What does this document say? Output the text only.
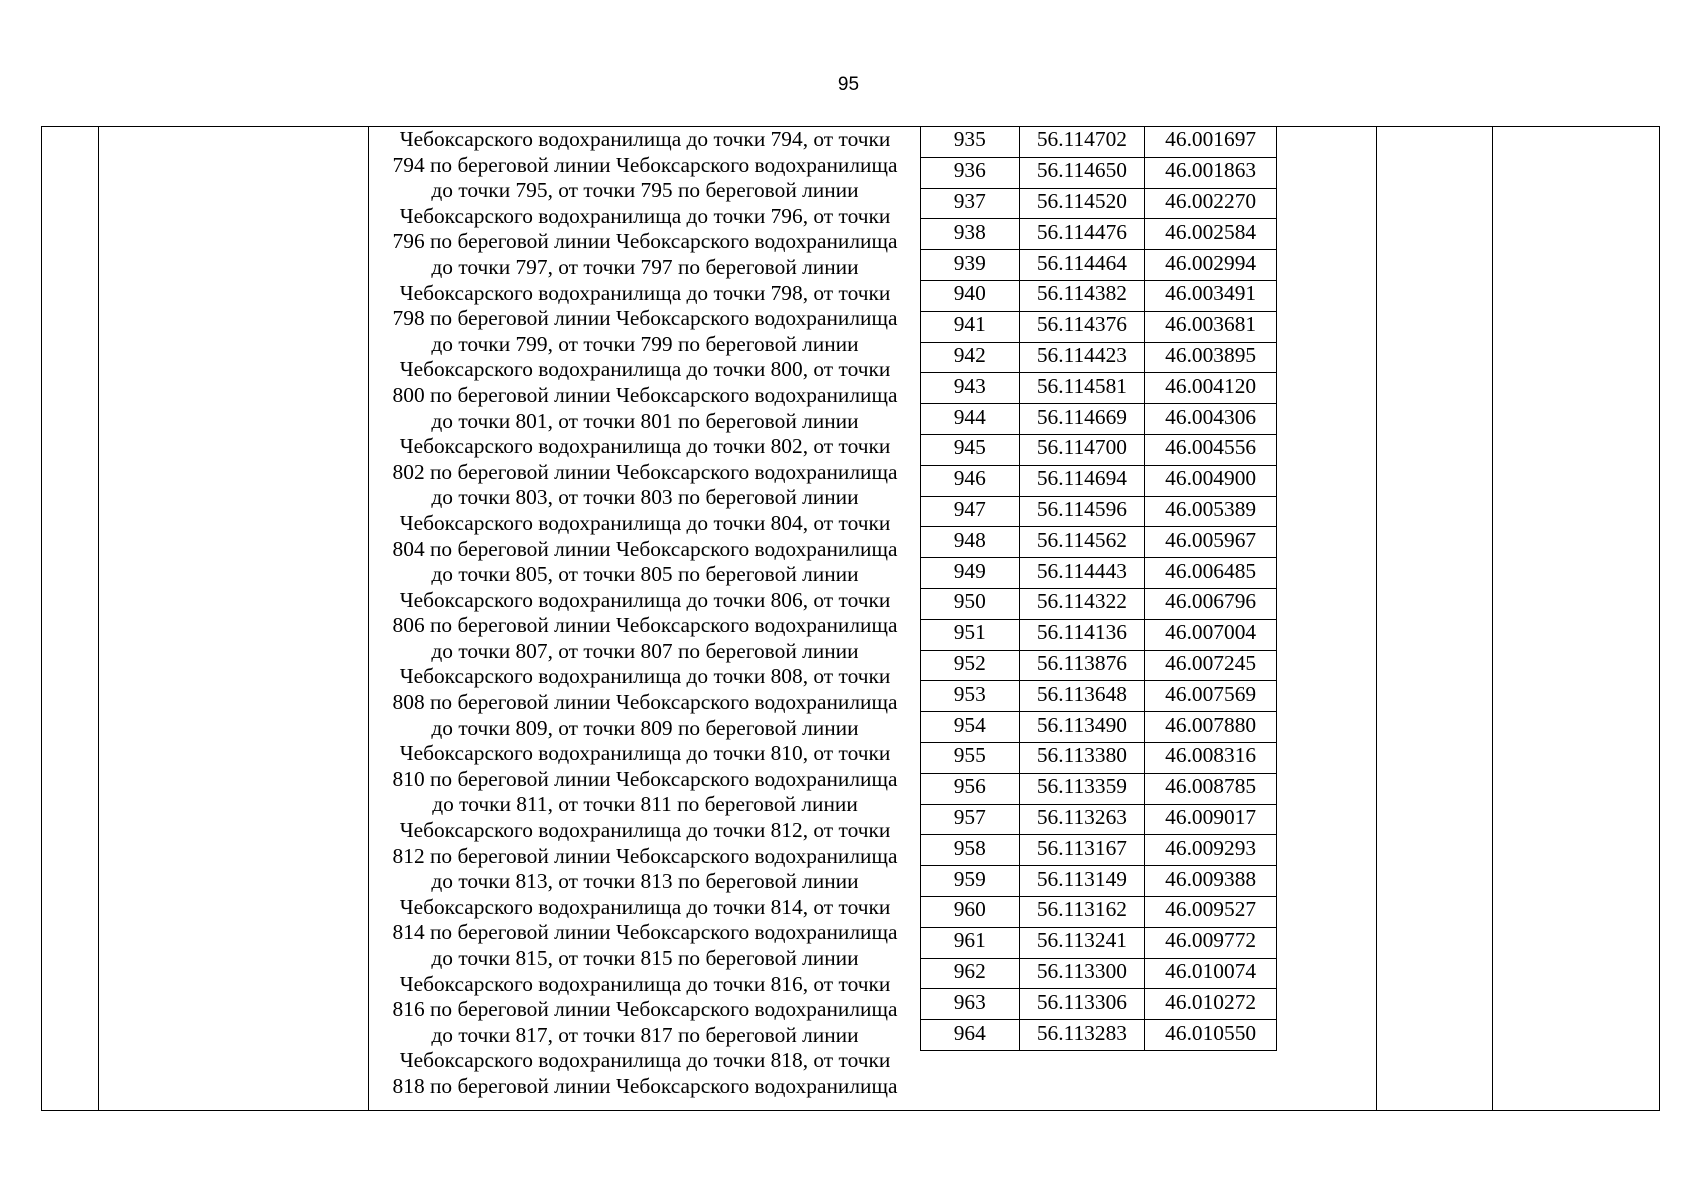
95
Чебоксарского водохранилища до точки 794, от точки
794 по береговой линии Чебоксарского водохранилища
до точки 795, от точки 795 по береговой линии
Чебоксарского водохранилища до точки 796, от точки
796 по береговой линии Чебоксарского водохранилища
до точки 797, от точки 797 по береговой линии
Чебоксарского водохранилища до точки 798, от точки
798 по береговой линии Чебоксарского водохранилища
до точки 799, от точки 799 по береговой линии
Чебоксарского водохранилища до точки 800, от точки
800 по береговой линии Чебоксарского водохранилища
до точки 801, от точки 801 по береговой линии
Чебоксарского водохранилища до точки 802, от точки
802 по береговой линии Чебоксарского водохранилища
до точки 803, от точки 803 по береговой линии
Чебоксарского водохранилища до точки 804, от точки
804 по береговой линии Чебоксарского водохранилища
до точки 805, от точки 805 по береговой линии
Чебоксарского водохранилища до точки 806, от точки
806 по береговой линии Чебоксарского водохранилища
до точки 807, от точки 807 по береговой линии
Чебоксарского водохранилища до точки 808, от точки
808 по береговой линии Чебоксарского водохранилища
до точки 809, от точки 809 по береговой линии
Чебоксарского водохранилища до точки 810, от точки
810 по береговой линии Чебоксарского водохранилища
до точки 811, от точки 811 по береговой линии
Чебоксарского водохранилища до точки 812, от точки
812 по береговой линии Чебоксарского водохранилища
до точки 813, от точки 813 по береговой линии
Чебоксарского водохранилища до точки 814, от точки
814 по береговой линии Чебоксарского водохранилища
до точки 815, от точки 815 по береговой линии
Чебоксарского водохранилища до точки 816, от точки
816 по береговой линии Чебоксарского водохранилища
до точки 817, от точки 817 по береговой линии
Чебоксарского водохранилища до точки 818, от точки
818 по береговой линии Чебоксарского водохранилища
935	56.114702	46.001697
936	56.114650	46.001863
937	56.114520	46.002270
938	56.114476	46.002584
939	56.114464	46.002994
940	56.114382	46.003491
941	56.114376	46.003681
942	56.114423	46.003895
943	56.114581	46.004120
944	56.114669	46.004306
945	56.114700	46.004556
946	56.114694	46.004900
947	56.114596	46.005389
948	56.114562	46.005967
949	56.114443	46.006485
950	56.114322	46.006796
951	56.114136	46.007004
952	56.113876	46.007245
953	56.113648	46.007569
954	56.113490	46.007880
955	56.113380	46.008316
956	56.113359	46.008785
957	56.113263	46.009017
958	56.113167	46.009293
959	56.113149	46.009388
960	56.113162	46.009527
961	56.113241	46.009772
962	56.113300	46.010074
963	56.113306	46.010272
964	56.113283	46.010550
